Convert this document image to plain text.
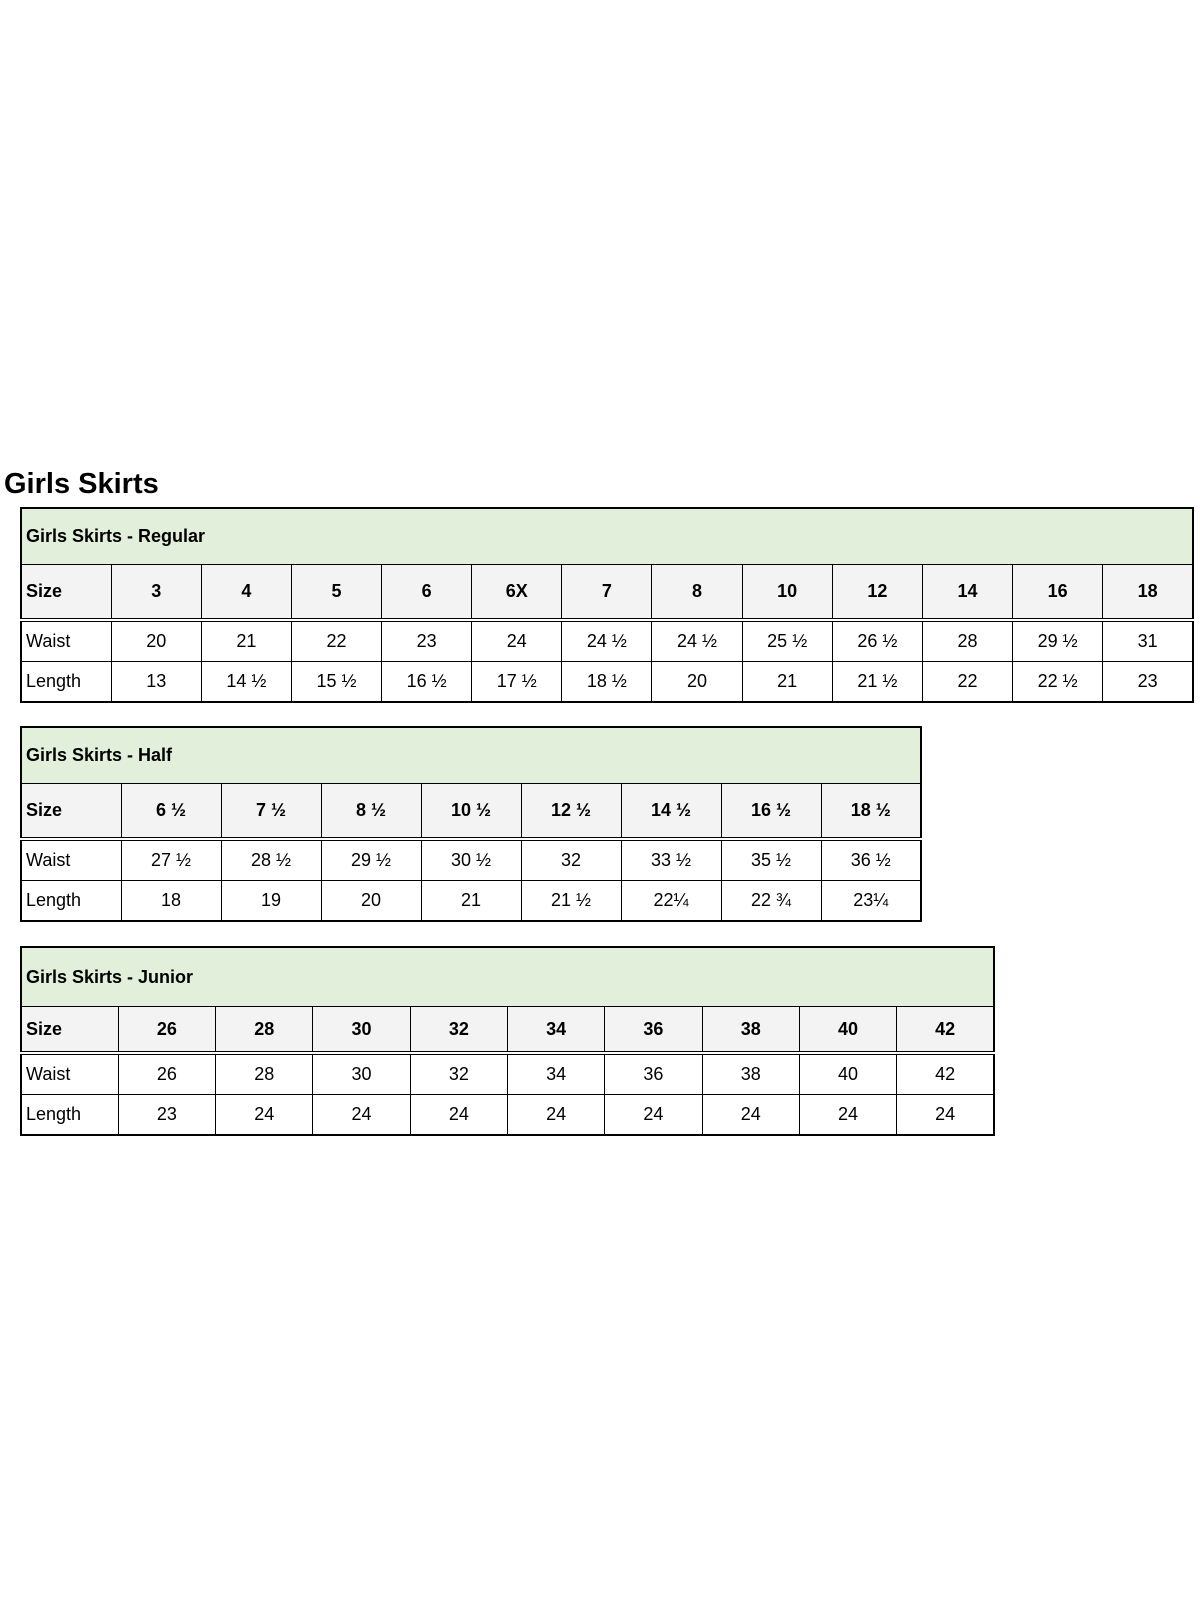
Girls Skirts
Girls Skirts - Regular												
Size	3	4	5	6	6X	7	8	10	12	14	16	18
Waist	20	21	22	23	24	24 ½	24 ½	25 ½	26 ½	28	29 ½	31
Length	13	14 ½	15 ½	16 ½	17 ½	18 ½	20	21	21 ½	22	22 ½	23
Girls Skirts - Half								
Size	6 ½	7 ½	8 ½	10 ½	12 ½	14 ½	16 ½	18 ½
Waist	27 ½	28 ½	29 ½	30 ½	32	33 ½	35 ½	36 ½
Length	18	19	20	21	21 ½	22¼	22 ¾	23¼
Girls Skirts - Junior									
Size	26	28	30	32	34	36	38	40	42
Waist	26	28	30	32	34	36	38	40	42
Length	23	24	24	24	24	24	24	24	24
